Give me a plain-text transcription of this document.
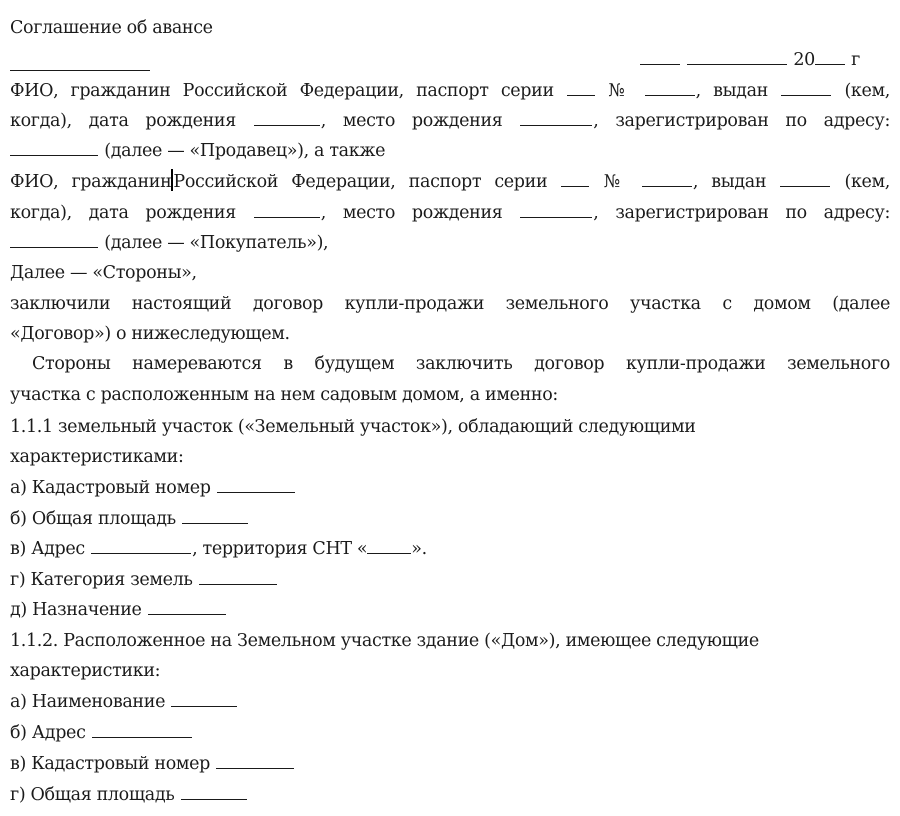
Соглашение об авансе

20 г

ФИО, гражданин Российской Федерации, паспорт серии	№	, выдан	(кем,
когда), дата рождения	, место рождения	, зарегистрирован по адресу:
(далее — «Продавец»), а также
ФИО, гражданин Российской Федерации, паспорт серии	№	, выдан	(кем,
когда), дата рождения	, место рождения	, зарегистрирован по адресу:
(далее — «Покупатель»),
Далее — «Стороны»,
заключили настоящий договор купли-продажи земельного участка с домом (далее
«Договор») о нижеследующем.
Стороны намереваются в будущем заключить договор купли-продажи земельного
участка с расположенным на нем садовым домом, а именно:
1.1.1 земельный участок («Земельный участок»), обладающий следующими
характеристиками:
а) Кадастровый номер
б) Общая площадь
в) Адрес	, территория СНТ «	».
г) Категория земель
д) Назначение
1.1.2. Расположенное на Земельном участке здание («Дом»), имеющее следующие
характеристики:
а) Наименование
б) Адрес
в) Кадастровый номер
г) Общая площадь
